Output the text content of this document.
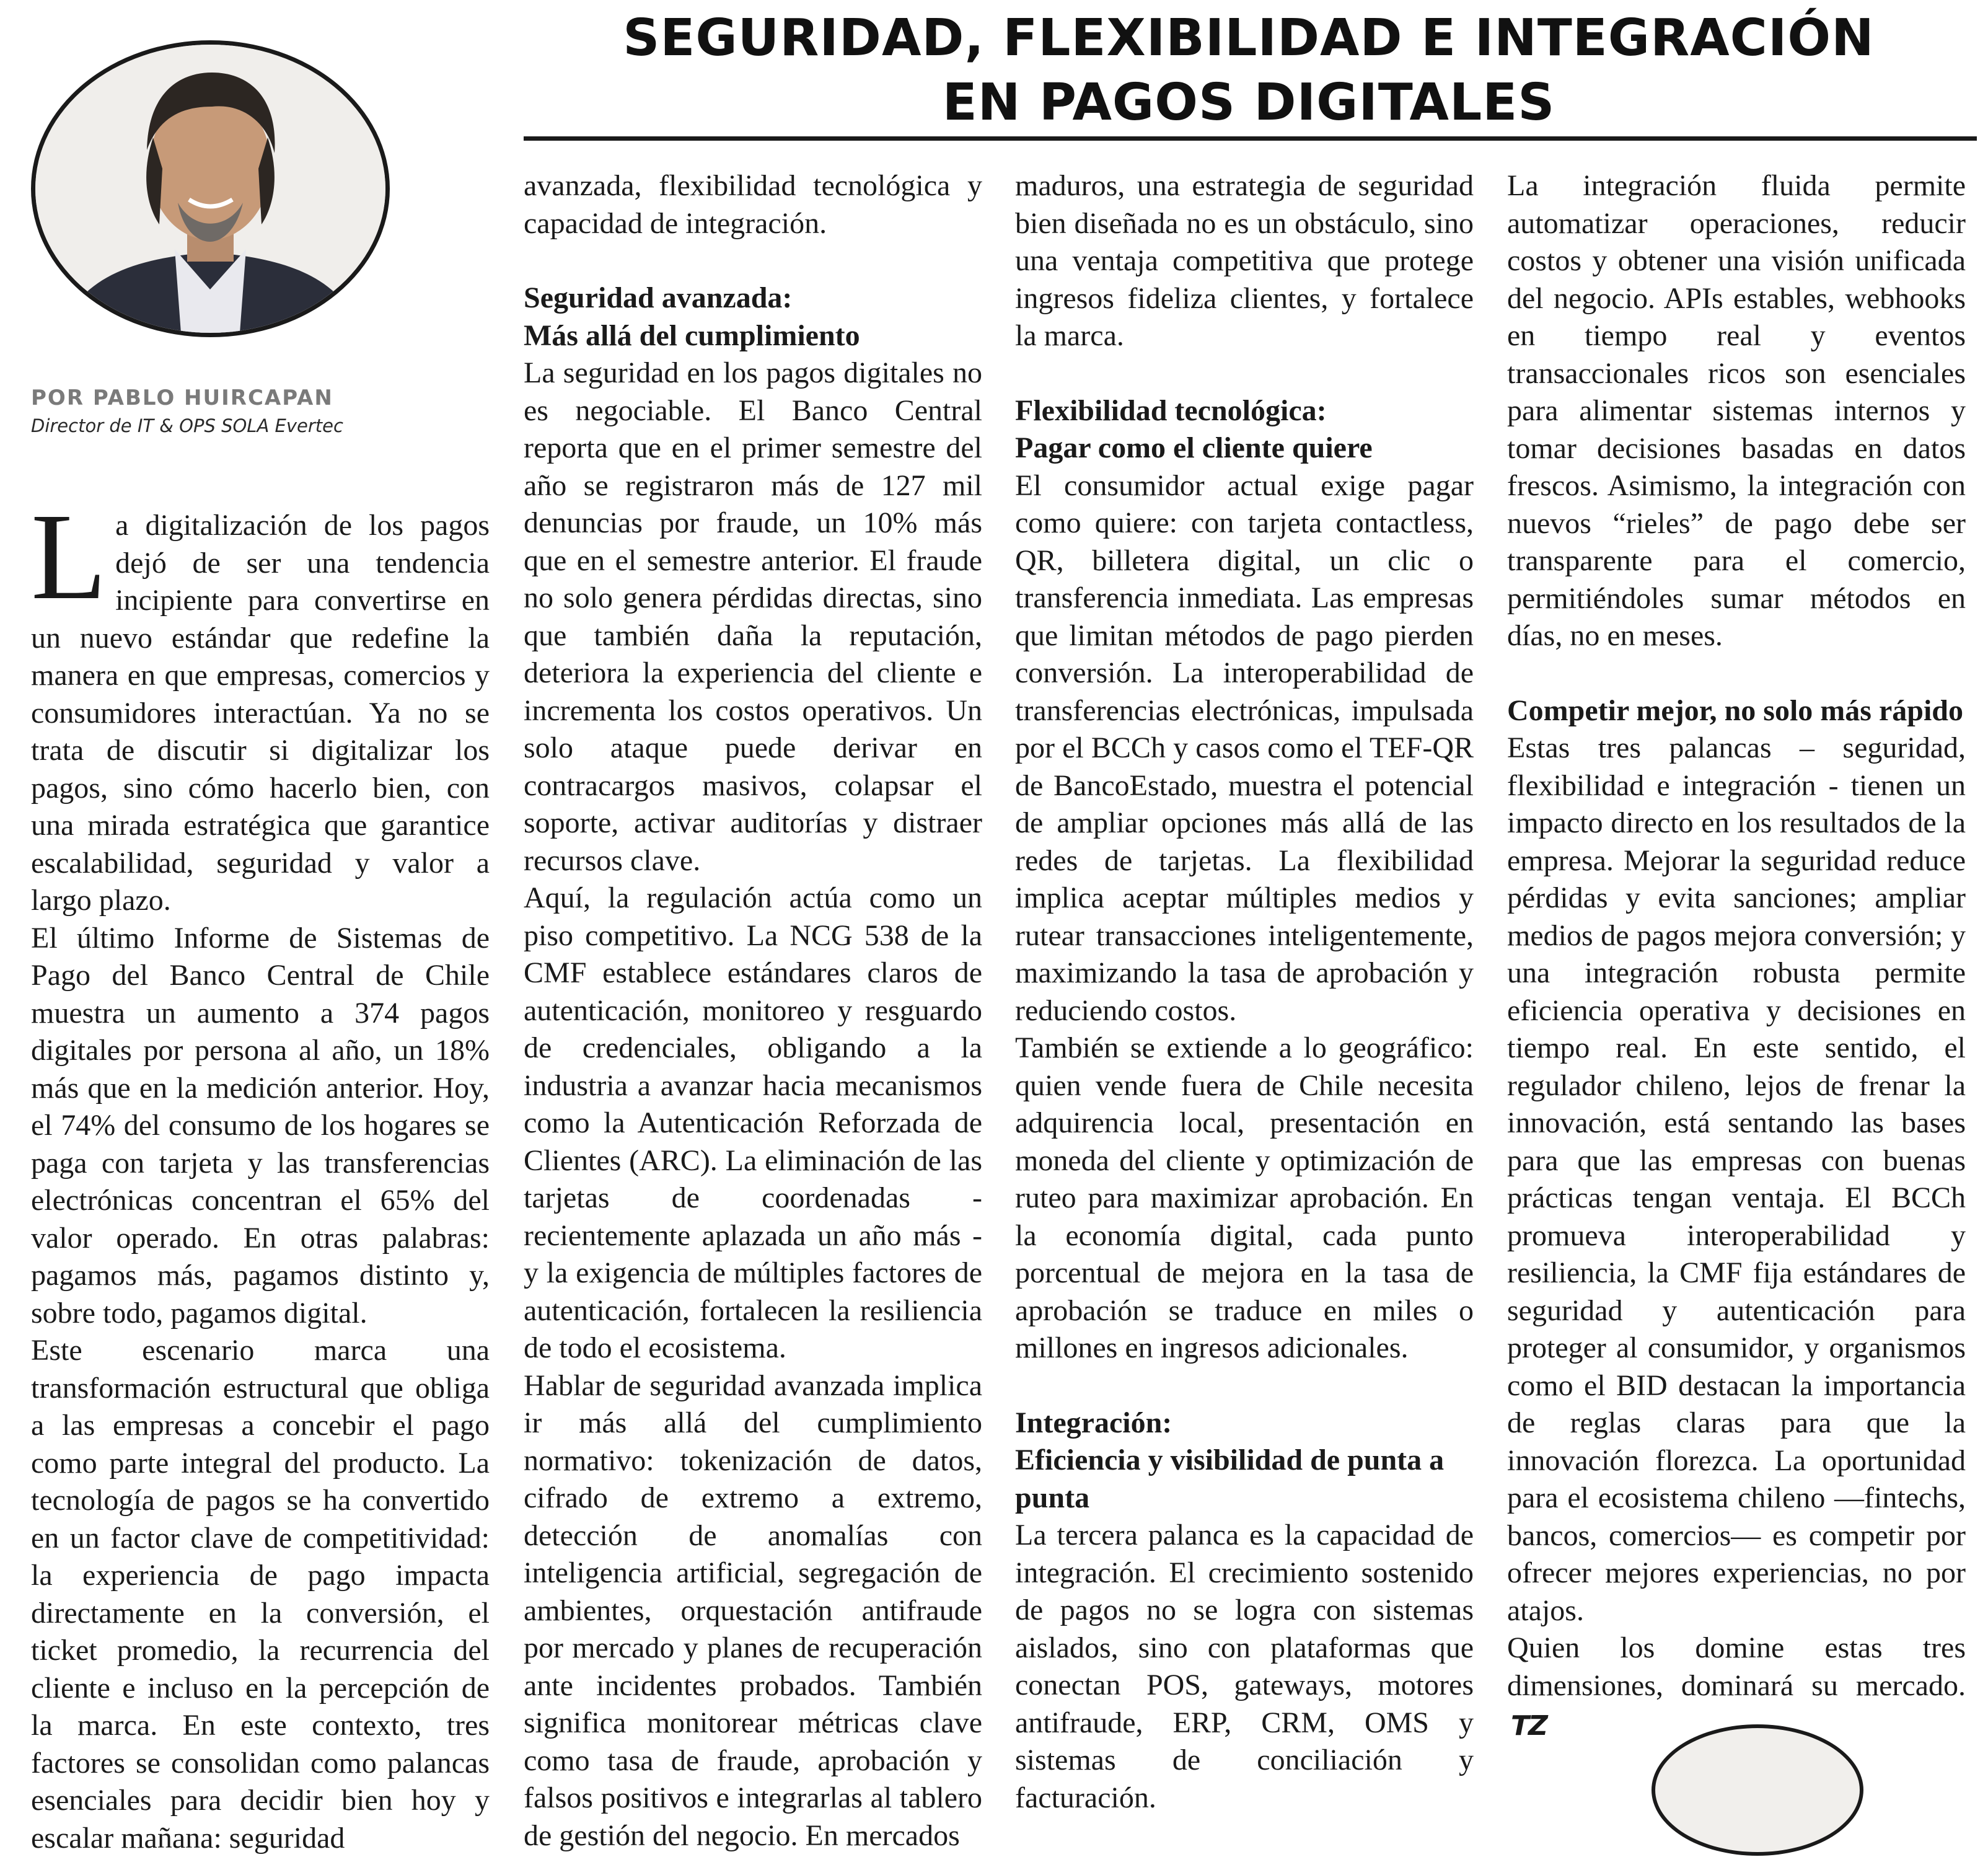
SEGURIDAD, FLEXIBILIDAD E INTEGRACIÓN
EN PAGOS DIGITALES
POR PABLO HUIRCAPAN
Director de IT & OPS SOLA Evertec

La digitalización de los pagos dejó de ser una tendencia incipiente para convertirse en un nuevo estándar que redefine la manera en que empresas, comercios y consumidores interactúan. Ya no se trata de discutir si digitalizar los pagos, sino cómo hacerlo bien, con una mirada estratégica que garantice escalabilidad, seguridad y valor a largo plazo.

El último Informe de Sistemas de Pago del Banco Central de Chile muestra un aumento a 374 pagos digitales por persona al año, un 18% más que en la medición anterior. Hoy, el 74% del consumo de los hogares se paga con tarjeta y las transferencias electrónicas concentran el 65% del valor operado. En otras palabras: pagamos más, pagamos distinto y, sobre todo, pagamos digital.

Este escenario marca una transformación estructural que obliga a las empresas a concebir el pago como parte integral del producto. La tecnología de pagos se ha convertido en un factor clave de competitividad: la experiencia de pago impacta directamente en la conversión, el ticket promedio, la recurrencia del cliente e incluso en la percepción de la marca. En este contexto, tres factores se consolidan como palancas esenciales para decidir bien hoy y escalar mañana: seguridad

avanzada, flexibilidad tecnológica y capacidad de integración.

Seguridad avanzada:

Más allá del cumplimiento

La seguridad en los pagos digitales no es negociable. El Banco Central reporta que en el primer semestre del año se registraron más de 127 mil denuncias por fraude, un 10% más que en el semestre anterior. El fraude no solo genera pérdidas directas, sino que también daña la reputación, deteriora la experiencia del cliente e incrementa los costos operativos. Un solo ataque puede derivar en contracargos masivos, colapsar el soporte, activar auditorías y distraer recursos clave.

Aquí, la regulación actúa como un piso competitivo. La NCG 538 de la CMF establece estándares claros de autenticación, monitoreo y resguardo de credenciales, obligando a la industria a avanzar hacia mecanismos como la Autenticación Reforzada de Clientes (ARC). La eliminación de las tarjetas de coordenadas - recientemente aplazada un año más - y la exigencia de múltiples factores de autenticación, fortalecen la resiliencia de todo el ecosistema.

Hablar de seguridad avanzada implica ir más allá del cumplimiento normativo: tokenización de datos, cifrado de extremo a extremo, detección de anomalías con inteligencia artificial, segregación de ambientes, orquestación antifraude por mercado y planes de recuperación ante incidentes probados. También significa monitorear métricas clave como tasa de fraude, aprobación y falsos positivos e integrarlas al tablero de gestión del negocio. En mercados

maduros, una estrategia de seguridad bien diseñada no es un obstáculo, sino una ventaja competitiva que protege ingresos fideliza clientes, y fortalece la marca.

Flexibilidad tecnológica:

Pagar como el cliente quiere

El consumidor actual exige pagar como quiere: con tarjeta contactless, QR, billetera digital, un clic o transferencia inmediata. Las empresas que limitan métodos de pago pierden conversión. La interoperabilidad de transferencias electrónicas, impulsada por el BCCh y casos como el TEF-QR de BancoEstado, muestra el potencial de ampliar opciones más allá de las redes de tarjetas. La flexibilidad implica aceptar múltiples medios y rutear transacciones inteligentemente, maximizando la tasa de aprobación y reduciendo costos.

También se extiende a lo geográfico: quien vende fuera de Chile necesita adquirencia local, presentación en moneda del cliente y optimización de ruteo para maximizar aprobación. En la economía digital, cada punto porcentual de mejora en la tasa de aprobación se traduce en miles o millones en ingresos adicionales.

Integración:

Eficiencia y visibilidad de punta a punta

La tercera palanca es la capacidad de integración. El crecimiento sostenido de pagos no se logra con sistemas aislados, sino con plataformas que conectan POS, gateways, motores antifraude, ERP, CRM, OMS y sistemas de conciliación y facturación.

La integración fluida permite automatizar operaciones, reducir costos y obtener una visión unificada del negocio. APIs estables, webhooks en tiempo real y eventos transaccionales ricos son esenciales para alimentar sistemas internos y tomar decisiones basadas en datos frescos. Asimismo, la integración con nuevos “rieles” de pago debe ser transparente para el comercio, permitiéndoles sumar métodos en días, no en meses.

Competir mejor, no solo más rápido

Estas tres palancas – seguridad, flexibilidad e integración - tienen un impacto directo en los resultados de la empresa. Mejorar la seguridad reduce pérdidas y evita sanciones; ampliar medios de pagos mejora conversión; y una integración robusta permite eficiencia operativa y decisiones en tiempo real. En este sentido, el regulador chileno, lejos de frenar la innovación, está sentando las bases para que las empresas con buenas prácticas tengan ventaja. El BCCh promueva interoperabilidad y resiliencia, la CMF fija estándares de seguridad y autenticación para proteger al consumidor, y organismos como el BID destacan la importancia de reglas claras para que la innovación florezca. La oportunidad para el ecosistema chileno —fintechs, bancos, comercios— es competir por ofrecer mejores experiencias, no por atajos.

Quien los domine estas tres dimensiones, dominará su mercado.TZ
